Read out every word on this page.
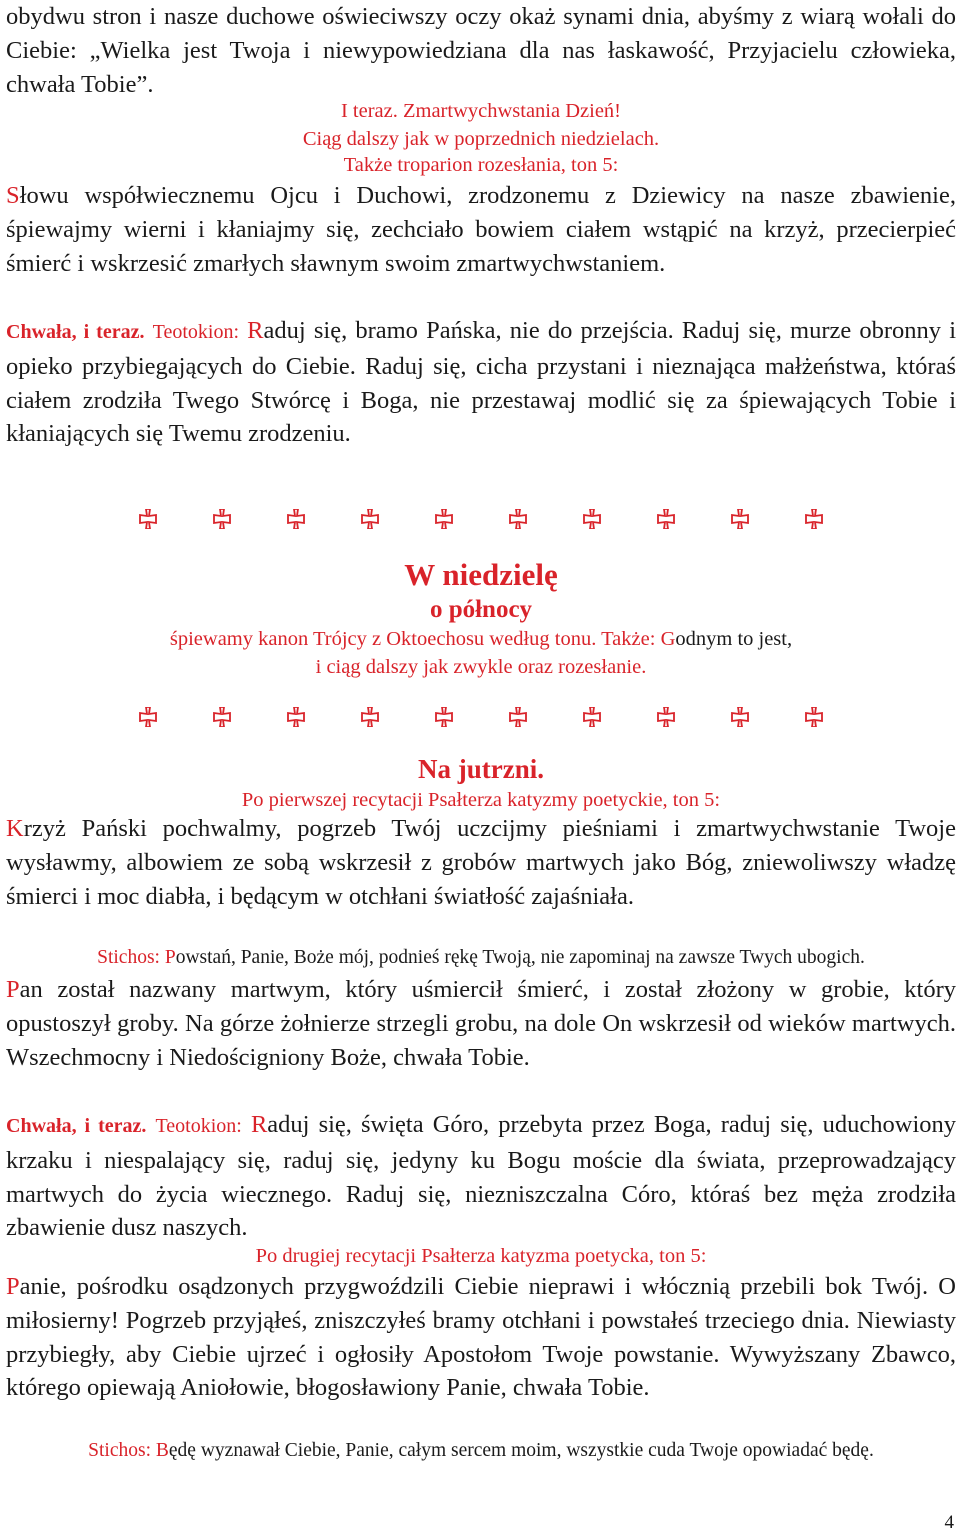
obydwu stron i nasze duchowe oświeciwszy oczy okaż synami dnia, abyśmy z wiarą wołali do Ciebie: „Wielka jest Twoja i niewypowiedziana dla nas łaskawość, Przyjacielu człowieka, chwała Tobie”.

I teraz. Zmartwychwstania Dzień!
Ciąg dalszy jak w poprzednich niedzielach.
Także troparion rozesłania, ton 5:

Słowu współwiecznemu Ojcu i Duchowi, zrodzonemu z Dziewicy na nasze zbawienie, śpiewajmy wierni i kłaniajmy się, zechciało bowiem ciałem wstąpić na krzyż, przecierpieć śmierć i wskrzesić zmarłych sławnym swoim zmartwychwstaniem.

Chwała, i teraz. Teotokion: Raduj się, bramo Pańska, nie do przejścia. Raduj się, murze obronny i opieko przybiegających do Ciebie. Raduj się, cicha przystani i nieznająca małżeństwa, któraś ciałem zrodziła Twego Stwórcę i Boga, nie przestawaj modlić się za śpiewających Tobie i kłaniających się Twemu zrodzeniu.

W niedzielę
o północy
śpiewamy kanon Trójcy z Oktoechosu według tonu. Także: Godnym to jest,
i ciąg dalszy jak zwykle oraz rozesłanie.
Na jutrzni.
Po pierwszej recytacji Psałterza katyzmy poetyckie, ton 5:

Krzyż Pański pochwalmy, pogrzeb Twój uczcijmy pieśniami i zmartwychwstanie Twoje wysławmy, albowiem ze sobą wskrzesił z grobów martwych jako Bóg, zniewoliwszy władzę śmierci i moc diabła, i będącym w otchłani światłość zajaśniała.

Stichos: Powstań, Panie, Boże mój, podnieś rękę Twoją, nie zapominaj na zawsze Twych ubogich.

Pan został nazwany martwym, który uśmiercił śmierć, i został złożony w grobie, który opustoszył groby. Na górze żołnierze strzegli grobu, na dole On wskrzesił od wieków martwych. Wszechmocny i Niedościgniony Boże, chwała Tobie.

Chwała, i teraz. Teotokion: Raduj się, święta Góro, przebyta przez Boga, raduj się, uduchowiony krzaku i niespalający się, raduj się, jedyny ku Bogu moście dla świata, przeprowadzający martwych do życia wiecznego. Raduj się, niezniszczalna Córo, któraś bez męża zrodziła zbawienie dusz naszych.

Po drugiej recytacji Psałterza katyzma poetycka, ton 5:

Panie, pośrodku osądzonych przygwoździli Ciebie nieprawi i włócznią przebili bok Twój. O miłosierny! Pogrzeb przyjąłeś, zniszczyłeś bramy otchłani i powstałeś trzeciego dnia. Niewiasty przybiegły, aby Ciebie ujrzeć i ogłosiły Apostołom Twoje powstanie. Wywyższany Zbawco, którego opiewają Aniołowie, błogosławiony Panie, chwała Tobie.

Stichos: Będę wyznawał Ciebie, Panie, całym sercem moim, wszystkie cuda Twoje opowiadać będę.
4
